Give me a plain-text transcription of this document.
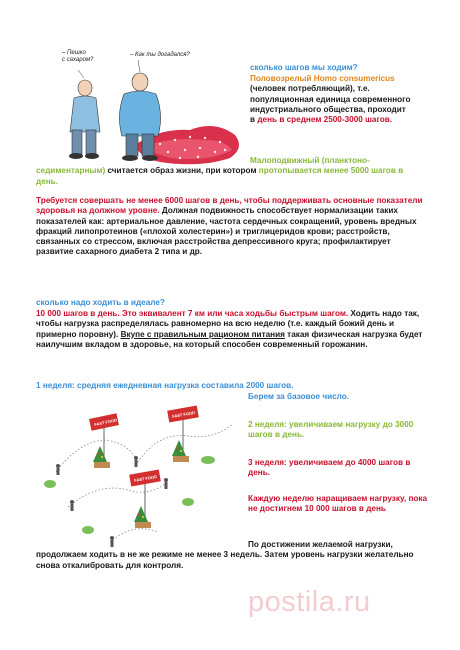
– Пешко
с сахаром?
– Как ты догадался?
сколько шагов мы ходим?
Половозрелый Homo consumericus (человек потребляющий), т.е. популяционная единица современного индустриального общества, проходит в день в среднем 2500-3000 шагов.
Малоподвижный (планктоно-седиментарным) считается образ жизни, при котором протопывается менее 5000 шагов в день.
Требуется совершать не менее 6000 шагов в день, чтобы поддерживать основные показатели здоровья на должном уровне. Должная подвижность способствует нормализации таких показателей как: артериальное давление, частота сердечных сокращений, уровень вредных фракций липопротеинов («плохой холестерин») и триглицеридов крови; расстройств, связанных со стрессом, включая расстройства депрессивного круга; профилактирует развитие сахарного диабета 2 типа и др.
сколько надо ходить в идеале?
10 000 шагов в день. Это эквивалент 7 км или часа ходьбы быстрым шагом. Ходить надо так, чтобы нагрузка распределялась равномерно на всю неделю (т.е. каждый божий день и примерно поровну). Вкупе с правильным рационом питания такая физическая нагрузка будет наилучшим вкладом в здоровье, на который способен современный горожанин.
1 неделя: средняя ежедневная нагрузка составила 2000 шагов.
Берем за базовое число.
FAST FOOD
FAST FOOD
FAST FOOD
2 неделя: увеличиваем нагрузку до 3000 шагов в день.
3 неделя: увеличиваем до 4000 шагов в день.
Каждую неделю наращиваем нагрузку, пока не достигнем 10 000 шагов в день
По достижении желаемой нагрузки, продолжаем ходить в не же режиме не менее 3 недель. Затем уровень нагрузки желательно снова откалибровать для контроля.
postila.ru
